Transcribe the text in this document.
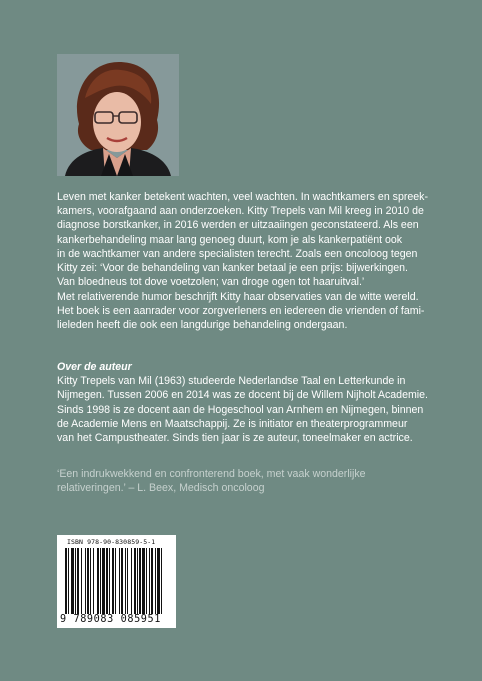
Leven met kanker betekent wachten, veel wachten. In wachtkamers en spreek-
kamers, voorafgaand aan onderzoeken. Kitty Trepels van Mil kreeg in 2010 de
diagnose borstkanker, in 2016 werden er uitzaaiingen geconstateerd. Als een
kankerbehandeling maar lang genoeg duurt, kom je als kankerpatiënt ook
in de wachtkamer van andere specialisten terecht. Zoals een oncoloog tegen
Kitty zei: ‘Voor de behandeling van kanker betaal je een prijs: bijwerkingen.
Van bloedneus tot dove voetzolen; van droge ogen tot haaruitval.’
Met relativerende humor beschrijft Kitty haar observaties van de witte wereld.
Het boek is een aanrader voor zorgverleners en iedereen die vrienden of fami-
lieleden heeft die ook een langdurige behandeling ondergaan.
Over de auteur
Kitty Trepels van Mil (1963) studeerde Nederlandse Taal en Letterkunde in
Nijmegen. Tussen 2006 en 2014 was ze docent bij de Willem Nijholt Academie.
Sinds 1998 is ze docent aan de Hogeschool van Arnhem en Nijmegen, binnen
de Academie Mens en Maatschappij. Ze is initiator en theaterprogrammeur
van het Campustheater. Sinds tien jaar is ze auteur, toneelmaker en actrice.
‘Een indrukwekkend en confronterend boek, met vaak wonderlijke
relativeringen.’ – L. Beex, Medisch oncoloog
ISBN 978-90-830859-5-1
9 789083 085951
